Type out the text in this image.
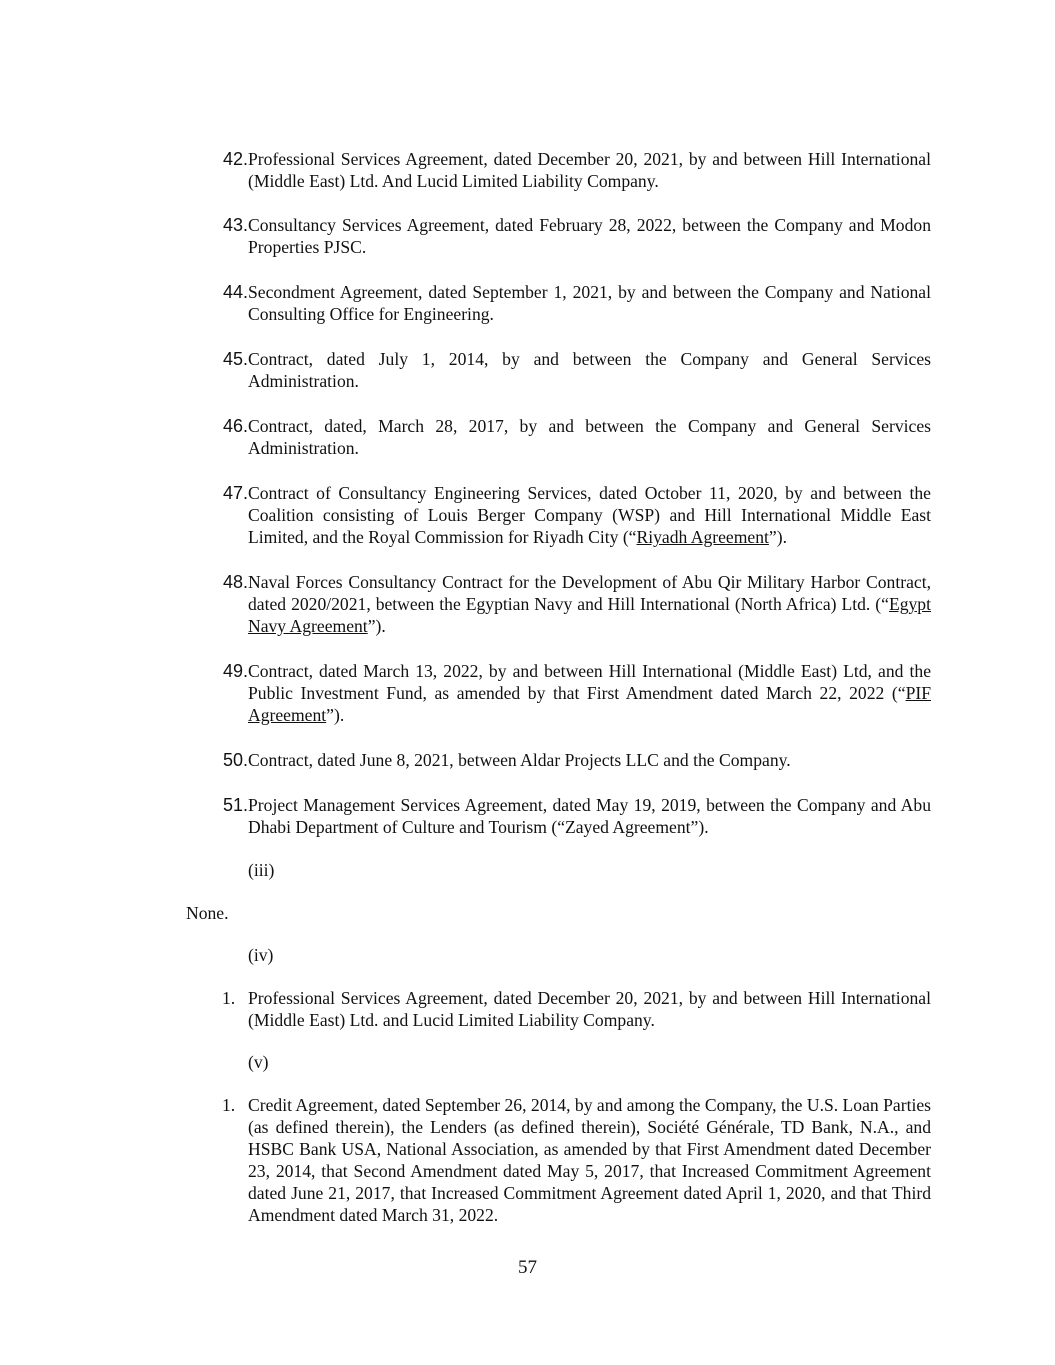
42. Professional Services Agreement, dated December 20, 2021, by and between Hill International (Middle East) Ltd. And Lucid Limited Liability Company.
43. Consultancy Services Agreement, dated February 28, 2022, between the Company and Modon Properties PJSC.
44. Secondment Agreement, dated September 1, 2021, by and between the Company and National Consulting Office for Engineering.
45. Contract, dated July 1, 2014, by and between the Company and General Services Administration.
46. Contract, dated, March 28, 2017, by and between the Company and General Services Administration.
47. Contract of Consultancy Engineering Services, dated October 11, 2020, by and between the Coalition consisting of Louis Berger Company (WSP) and Hill International Middle East Limited, and the Royal Commission for Riyadh City (“Riyadh Agreement”).
48. Naval Forces Consultancy Contract for the Development of Abu Qir Military Harbor Contract, dated 2020/2021, between the Egyptian Navy and Hill International (North Africa) Ltd. (“Egypt Navy Agreement”).
49. Contract, dated March 13, 2022, by and between Hill International (Middle East) Ltd, and the Public Investment Fund, as amended by that First Amendment dated March 22, 2022 (“PIF Agreement”).
50. Contract, dated June 8, 2021, between Aldar Projects LLC and the Company.
51. Project Management Services Agreement, dated May 19, 2019, between the Company and Abu Dhabi Department of Culture and Tourism (“Zayed Agreement”).
(iii)
None.
(iv)
1. Professional Services Agreement, dated December 20, 2021, by and between Hill International (Middle East) Ltd. and Lucid Limited Liability Company.
(v)
1. Credit Agreement, dated September 26, 2014, by and among the Company, the U.S. Loan Parties (as defined therein), the Lenders (as defined therein), Société Générale, TD Bank, N.A., and HSBC Bank USA, National Association, as amended by that First Amendment dated December 23, 2014, that Second Amendment dated May 5, 2017, that Increased Commitment Agreement dated June 21, 2017, that Increased Commitment Agreement dated April 1, 2020, and that Third Amendment dated March 31, 2022.
57
